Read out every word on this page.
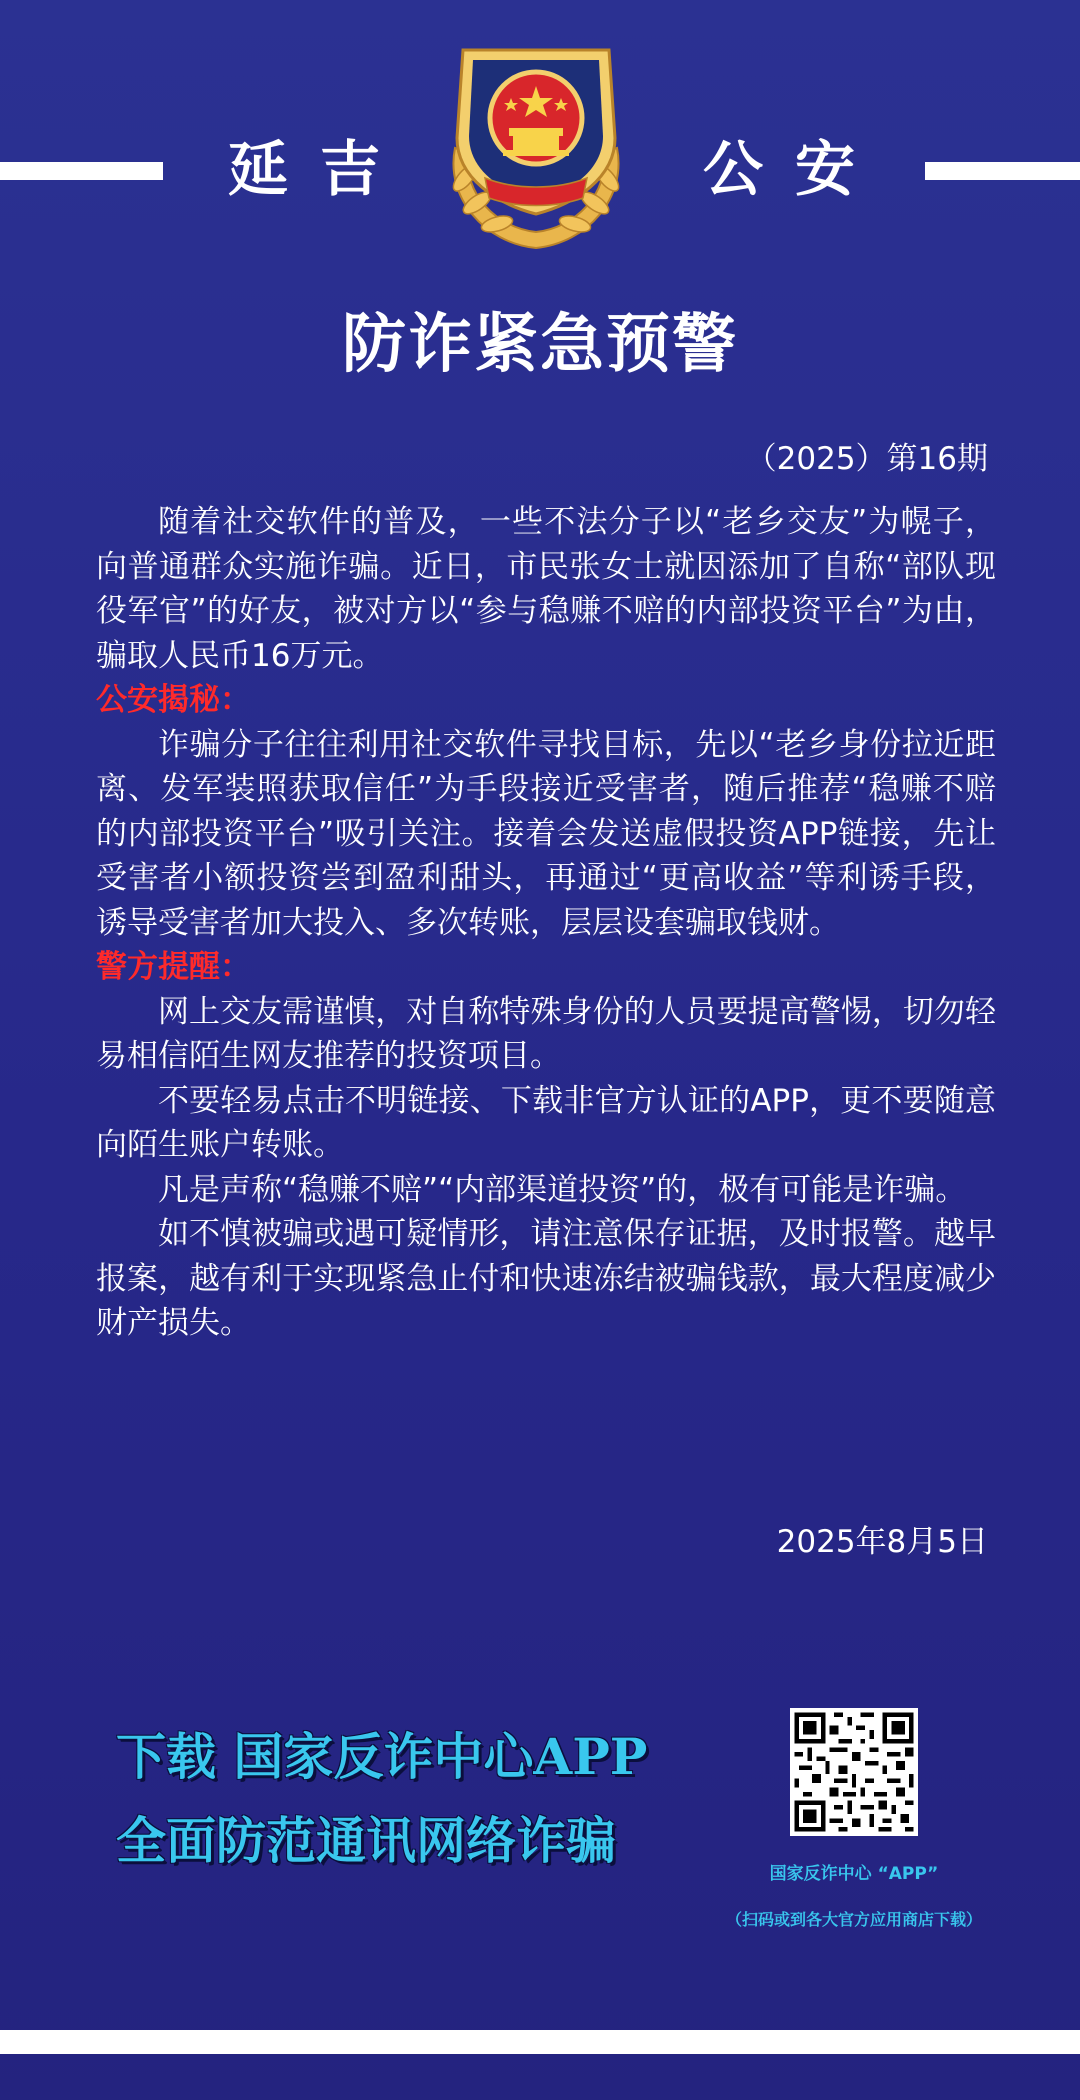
延吉	公安
防诈紧急预警
（2025）第16期

随着社交软件的普及，一些不法分子以“老乡交友”为幌子，向普通群众实施诈骗。近日，市民张女士就因添加了自称“部队现役军官”的好友，被对方以“参与稳赚不赔的内部投资平台”为由，骗取人民币16万元。

公安揭秘：

诈骗分子往往利用社交软件寻找目标，先以“老乡身份拉近距离、发军装照获取信任”为手段接近受害者，随后推荐“稳赚不赔的内部投资平台”吸引关注。接着会发送虚假投资APP链接，先让受害者小额投资尝到盈利甜头，再通过“更高收益”等利诱手段，诱导受害者加大投入、多次转账，层层设套骗取钱财。

警方提醒：

网上交友需谨慎，对自称特殊身份的人员要提高警惕，切勿轻易相信陌生网友推荐的投资项目。

不要轻易点击不明链接、下载非官方认证的APP，更不要随意向陌生账户转账。

凡是声称“稳赚不赔”“内部渠道投资”的，极有可能是诈骗。

如不慎被骗或遇可疑情形，请注意保存证据，及时报警。越早报案，越有利于实现紧急止付和快速冻结被骗钱款，最大程度减少财产损失。

2025年8月5日
下载 国家反诈中心APP
全面防范通讯网络诈骗
国家反诈中心 “APP”
（扫码或到各大官方应用商店下载）
